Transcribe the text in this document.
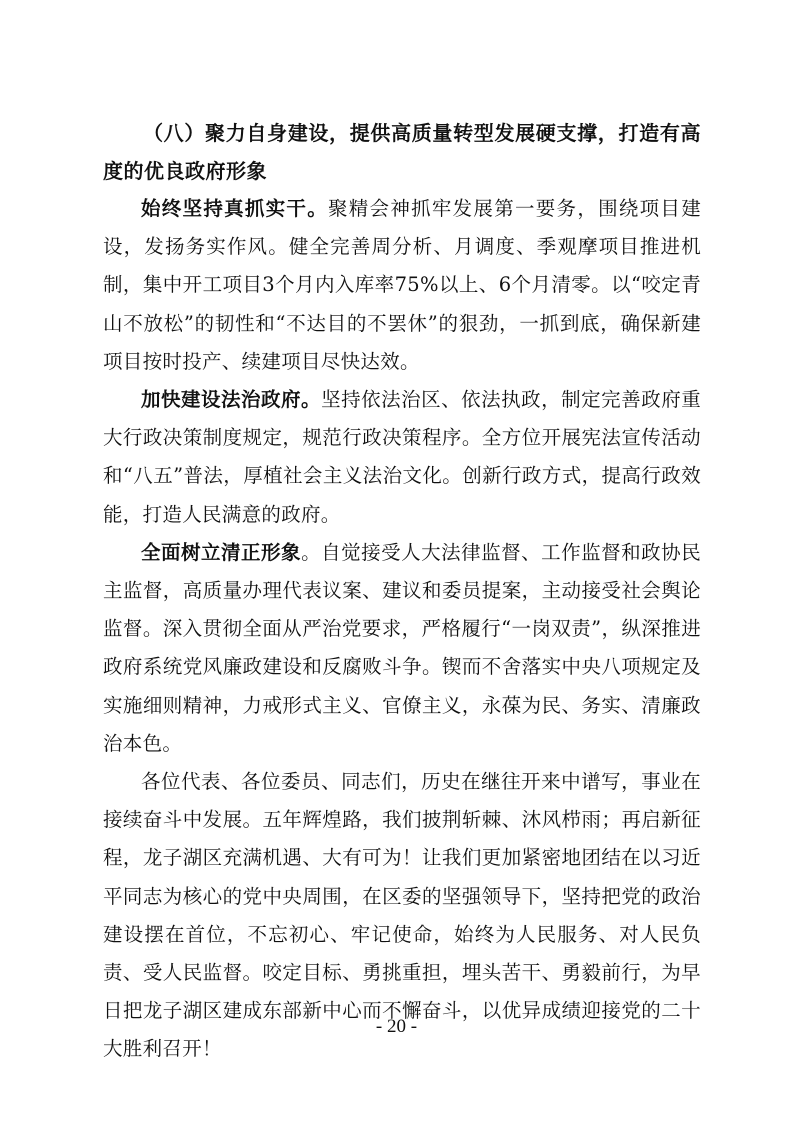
（八）聚力自身建设，提供高质量转型发展硬支撑，打造有高度的优良政府形象

始终坚持真抓实干。聚精会神抓牢发展第一要务，围绕项目建设，发扬务实作风。健全完善周分析、月调度、季观摩项目推进机制，集中开工项目3个月内入库率75%以上、6个月清零。以“咬定青山不放松”的韧性和“不达目的不罢休”的狠劲，一抓到底，确保新建项目按时投产、续建项目尽快达效。

加快建设法治政府。坚持依法治区、依法执政，制定完善政府重大行政决策制度规定，规范行政决策程序。全方位开展宪法宣传活动和“八五”普法，厚植社会主义法治文化。创新行政方式，提高行政效能，打造人民满意的政府。

全面树立清正形象。自觉接受人大法律监督、工作监督和政协民主监督，高质量办理代表议案、建议和委员提案，主动接受社会舆论监督。深入贯彻全面从严治党要求，严格履行“一岗双责”，纵深推进政府系统党风廉政建设和反腐败斗争。锲而不舍落实中央八项规定及实施细则精神，力戒形式主义、官僚主义，永葆为民、务实、清廉政治本色。

各位代表、各位委员、同志们，历史在继往开来中谱写，事业在接续奋斗中发展。五年辉煌路，我们披荆斩棘、沐风栉雨；再启新征程，龙子湖区充满机遇、大有可为！让我们更加紧密地团结在以习近平同志为核心的党中央周围，在区委的坚强领导下，坚持把党的政治建设摆在首位，不忘初心、牢记使命，始终为人民服务、对人民负责、受人民监督。咬定目标、勇挑重担，埋头苦干、勇毅前行，为早日把龙子湖区建成东部新中心而不懈奋斗，以优异成绩迎接党的二十大胜利召开！

- 20 -
